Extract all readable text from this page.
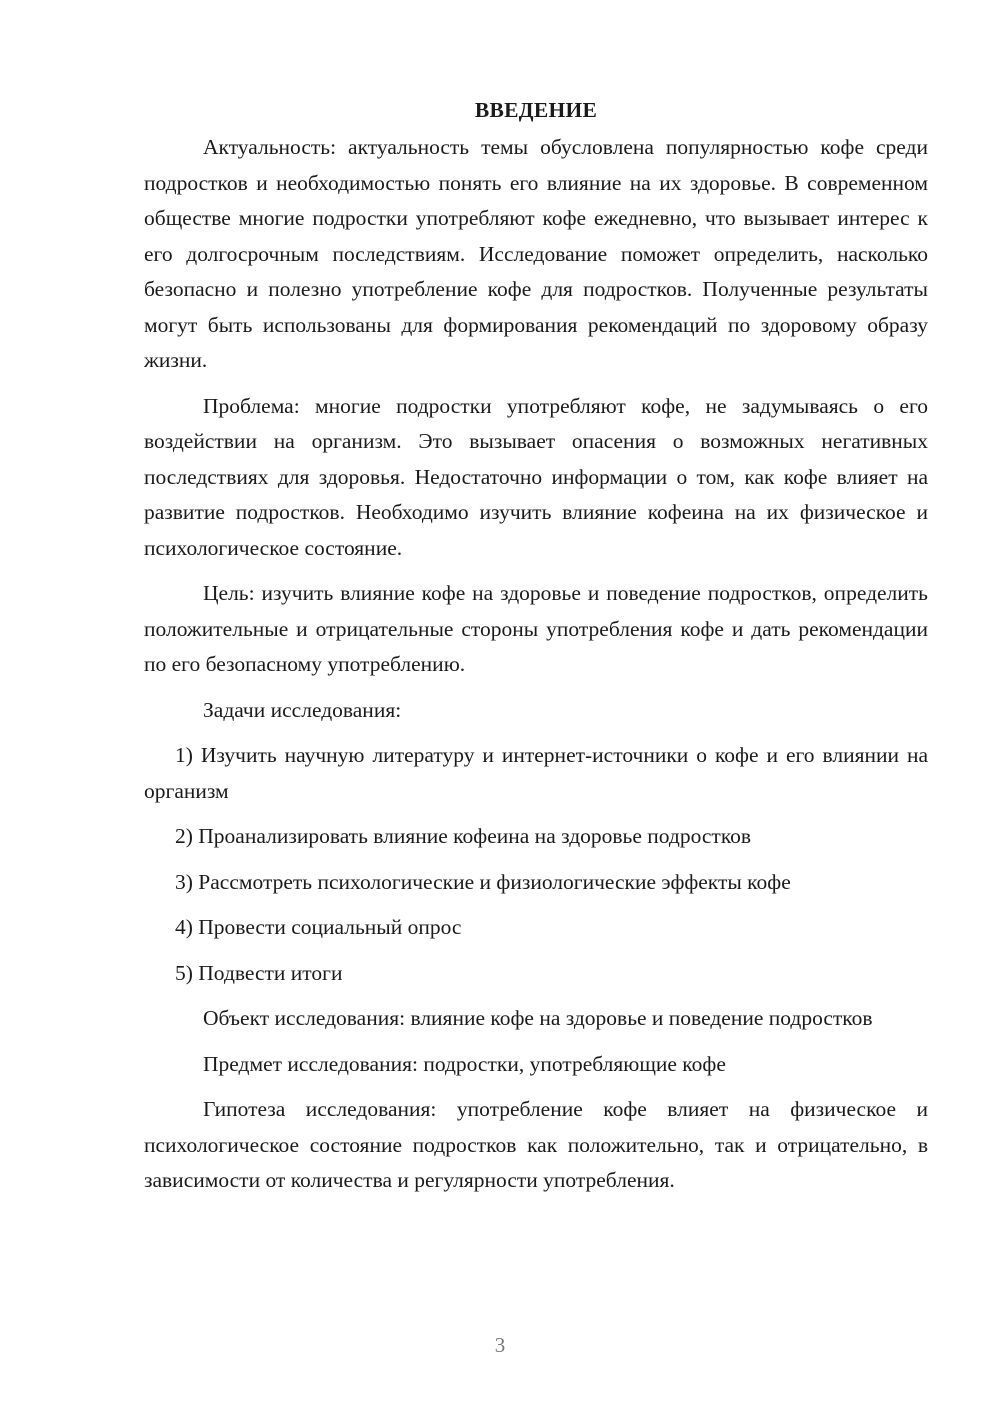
ВВЕДЕНИЕ

Актуальность: актуальность темы обусловлена популярностью кофе среди подростков и необходимостью понять его влияние на их здоровье. В современном обществе многие подростки употребляют кофе ежедневно, что вызывает интерес к его долгосрочным последствиям. Исследование поможет определить, насколько безопасно и полезно употребление кофе для подростков. Полученные результаты могут быть использованы для формирования рекомендаций по здоровому образу жизни.

Проблема: многие подростки употребляют кофе, не задумываясь о его воздействии на организм. Это вызывает опасения о возможных негативных последствиях для здоровья. Недостаточно информации о том, как кофе влияет на развитие подростков. Необходимо изучить влияние кофеина на их физическое и психологическое состояние.

Цель: изучить влияние кофе на здоровье и поведение подростков, определить положительные и отрицательные стороны употребления кофе и дать рекомендации по его безопасному употреблению.

Задачи исследования:

1) Изучить научную литературу и интернет-источники о кофе и его влиянии на организм

2) Проанализировать влияние кофеина на здоровье подростков

3) Рассмотреть психологические и физиологические эффекты кофе

4) Провести социальный опрос

5) Подвести итоги

Объект исследования: влияние кофе на здоровье и поведение подростков

Предмет исследования: подростки, употребляющие кофе

Гипотеза исследования: употребление кофе влияет на физическое и психологическое состояние подростков как положительно, так и отрицательно, в зависимости от количества и регулярности употребления.

3
